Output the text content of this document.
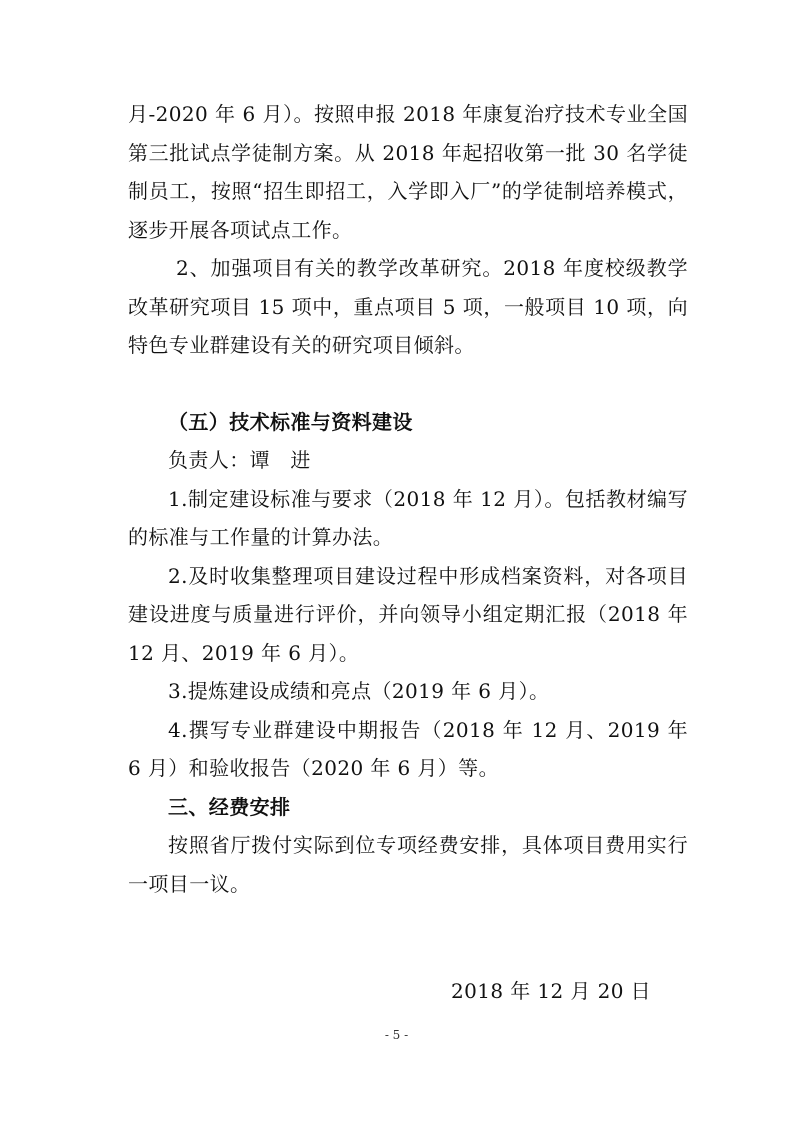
月-2020 年 6 月）。按照申报 2018 年康复治疗技术专业全国第三批试点学徒制方案。从 2018 年起招收第一批 30 名学徒制员工，按照“招生即招工，入学即入厂”的学徒制培养模式，逐步开展各项试点工作。

2、加强项目有关的教学改革研究。2018 年度校级教学改革研究项目 15 项中，重点项目 5 项，一般项目 10 项，向特色专业群建设有关的研究项目倾斜。

（五）技术标准与资料建设

负责人：谭　进

1.制定建设标准与要求（2018 年 12 月）。包括教材编写的标准与工作量的计算办法。

2.及时收集整理项目建设过程中形成档案资料，对各项目建设进度与质量进行评价，并向领导小组定期汇报（2018 年 12 月、2019 年 6 月）。

3.提炼建设成绩和亮点（2019 年 6 月）。

4.撰写专业群建设中期报告（2018 年 12 月、2019 年 6 月）和验收报告（2020 年 6 月）等。

三、经费安排

按照省厅拨付实际到位专项经费安排，具体项目费用实行一项目一议。

2018 年 12 月 20 日

- 5 -
